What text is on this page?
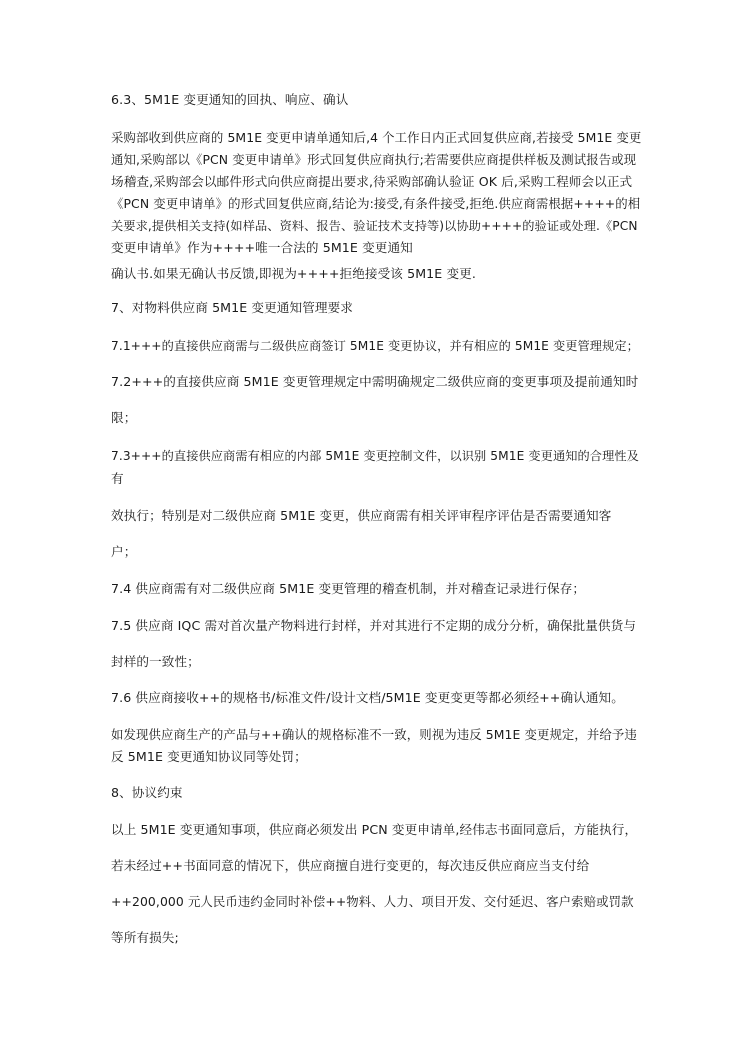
6.3、5M1E 变更通知的回执、响应、确认
采购部收到供应商的 5M1E 变更申请单通知后,4 个工作日内正式回复供应商,若接受 5M1E 变更
通知,采购部以《PCN 变更申请单》形式回复供应商执行;若需要供应商提供样板及测试报告或现
场稽查,采购部会以邮件形式向供应商提出要求,待采购部确认验证 OK 后,采购工程师会以正式
《PCN 变更申请单》的形式回复供应商,结论为:接受,有条件接受,拒绝.供应商需根据++++的相
关要求,提供相关支持(如样品、资料、报告、验证技术支持等)以协助++++的验证或处理.《PCN
变更申请单》作为++++唯一合法的 5M1E 变更通知
确认书.如果无确认书反馈,即视为++++拒绝接受该 5M1E 变更.
7、对物料供应商 5M1E 变更通知管理要求
7.1+++的直接供应商需与二级供应商签订 5M1E 变更协议，并有相应的 5M1E 变更管理规定；
7.2+++的直接供应商 5M1E 变更管理规定中需明确规定二级供应商的变更事项及提前通知时
限；
7.3+++的直接供应商需有相应的内部 5M1E 变更控制文件，以识别 5M1E 变更通知的合理性及
有
效执行；特别是对二级供应商 5M1E 变更，供应商需有相关评审程序评估是否需要通知客
户；
7.4 供应商需有对二级供应商 5M1E 变更管理的稽查机制，并对稽查记录进行保存；
7.5 供应商 IQC 需对首次量产物料进行封样，并对其进行不定期的成分分析，确保批量供货与
封样的一致性；
7.6 供应商接收++的规格书/标准文件/设计文档/5M1E 变更变更等都必须经++确认通知。
如发现供应商生产的产品与++确认的规格标准不一致，则视为违反 5M1E 变更规定，并给予违
反 5M1E 变更通知协议同等处罚；
8、协议约束
以上 5M1E 变更通知事项，供应商必须发出 PCN 变更申请单,经伟志书面同意后，方能执行，
若未经过++书面同意的情况下，供应商擅自进行变更的，每次违反供应商应当支付给
++200,000 元人民币违约金同时补偿++物料、人力、项目开发、交付延迟、客户索赔或罚款
等所有损失;
